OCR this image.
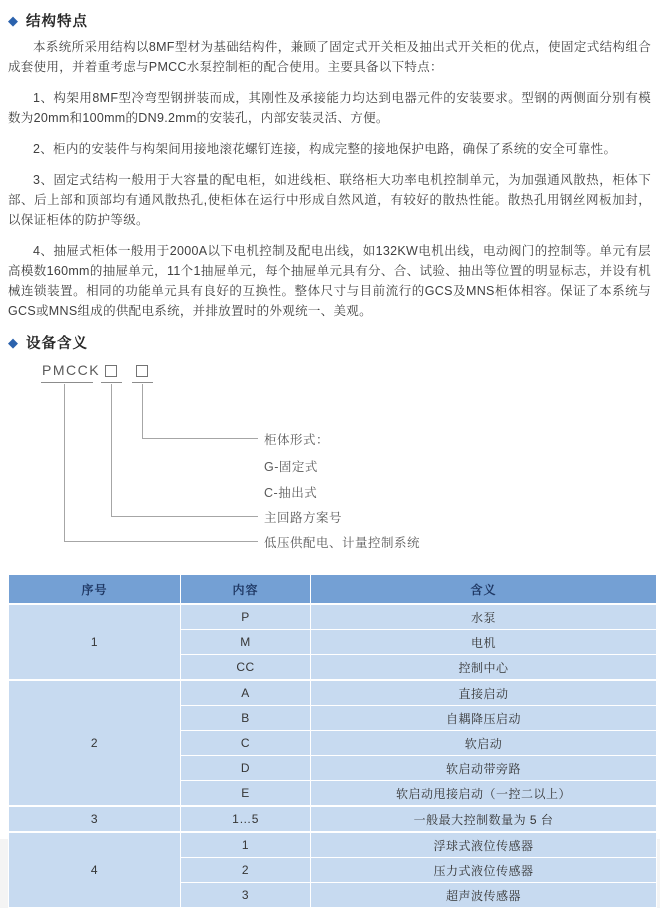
◆ 结构特点

本系统所采用结构以8MF型材为基础结构件，兼顾了固定式开关柜及抽出式开关柜的优点，使固定式结构组合成套使用，并着重考虑与PMCC水泵控制柜的配合使用。主要具备以下特点：

1、构架用8MF型冷弯型钢拼装而成，其刚性及承接能力均达到电器元件的安装要求。型钢的两侧面分别有模数为20mm和100mm的DN9.2mm的安装孔，内部安装灵活、方便。

2、柜内的安装件与构架间用接地滚花螺钉连接，构成完整的接地保护电路，确保了系统的安全可靠性。

3、固定式结构一般用于大容量的配电柜，如进线柜、联络柜大功率电机控制单元，为加强通风散热，柜体下部、后上部和顶部均有通风散热孔,使柜体在运行中形成自然风道，有较好的散热性能。散热孔用钢丝网板加封，以保证柜体的防护等级。

4、抽屉式柜体一般用于2000A以下电机控制及配电出线，如132KW电机出线，电动阀门的控制等。单元有层高模数160mm的抽屉单元，11个1抽屉单元，每个抽屉单元具有分、合、试验、抽出等位置的明显标志，并设有机械连锁装置。相同的功能单元具有良好的互换性。整体尺寸与目前流行的GCS及MNS柜体相容。保证了本系统与GCS或MNS组成的供配电系统，并排放置时的外观统一、美观。

◆ 设备含义
PMCCK
柜体形式：
G-固定式
C-抽出式
主回路方案号
低压供配电、计量控制系统
序号	内容	含义
1	P	水泵
	M	电机
	CC	控制中心
2	A	直接启动
	B	自耦降压启动
	C	软启动
	D	软启动带旁路
	E	软启动甩接启动（一控二以上）
3	1…5	一般最大控制数量为 5 台
4	1	浮球式液位传感器
	2	压力式液位传感器
	3	超声波传感器
